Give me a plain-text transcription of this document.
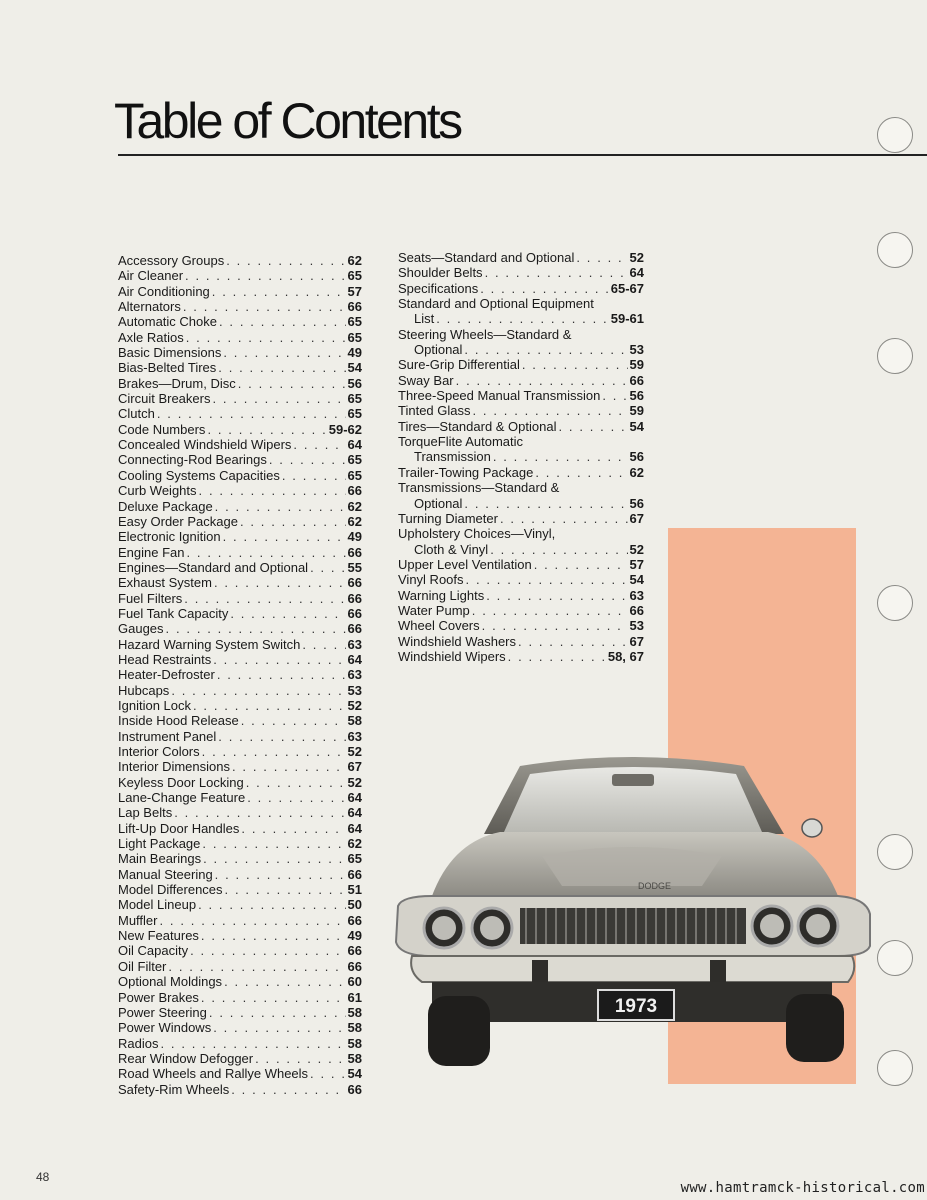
Table of Contents
Accessory Groups . . .	62
Air Cleaner . . .	65
Air Conditioning . . .	57
Alternators . . .	66
Automatic Choke . . .	65
Axle Ratios . . .	65
Basic Dimensions . . .	49
Bias-Belted Tires . . .	54
Brakes—Drum, Disc . . .	56
Circuit Breakers . . .	65
Clutch . . .	65
Code Numbers . . .	59-62
Concealed Windshield Wipers . . .	64
Connecting-Rod Bearings . . .	65
Cooling Systems Capacities . . .	65
Curb Weights . . .	66
Deluxe Package . . .	62
Easy Order Package . . .	62
Electronic Ignition . . .	49
Engine Fan . . .	66
Engines—Standard and Optional . . .	55
Exhaust System . . .	66
Fuel Filters . . .	66
Fuel Tank Capacity . . .	66
Gauges . . .	66
Hazard Warning System Switch . . .	63
Head Restraints . . .	64
Heater-Defroster . . .	63
Hubcaps . . .	53
Ignition Lock . . .	52
Inside Hood Release . . .	58
Instrument Panel . . .	63
Interior Colors . . .	52
Interior Dimensions . . .	67
Keyless Door Locking . . .	52
Lane-Change Feature . . .	64
Lap Belts . . .	64
Lift-Up Door Handles . . .	64
Light Package . . .	62
Main Bearings . . .	65
Manual Steering . . .	66
Model Differences . . .	51
Model Lineup . . .	50
Muffler . . .	66
New Features . . .	49
Oil Capacity . . .	66
Oil Filter . . .	66
Optional Moldings . . .	60
Power Brakes . . .	61
Power Steering . . .	58
Power Windows . . .	58
Radios . . .	58
Rear Window Defogger . . .	58
Road Wheels and Rallye Wheels . . .	54
Safety-Rim Wheels . . .	66
Seats—Standard and Optional . . .	52
Shoulder Belts . . .	64
Specifications . . .	65-67
Standard and Optional Equipment
List . . .	59-61
Steering Wheels—Standard &
Optional . . .	53
Sure-Grip Differential . . .	59
Sway Bar . . .	66
Three-Speed Manual Transmission . . . 56
Tinted Glass . . .	59
Tires—Standard & Optional . . .	54
TorqueFlite Automatic
Transmission . . .	56
Trailer-Towing Package . . .	62
Transmissions—Standard &
Optional . . .	56
Turning Diameter . . .	67
Upholstery Choices—Vinyl,
Cloth & Vinyl . . .	52
Upper Level Ventilation . . .	57
Vinyl Roofs . . .	54
Warning Lights . . .	63
Water Pump . . .	66
Wheel Covers . . .	53
Windshield Washers . . .	67
Windshield Wipers . . .	58, 67
DODGE
1973
48
www.hamtramck-historical.com
